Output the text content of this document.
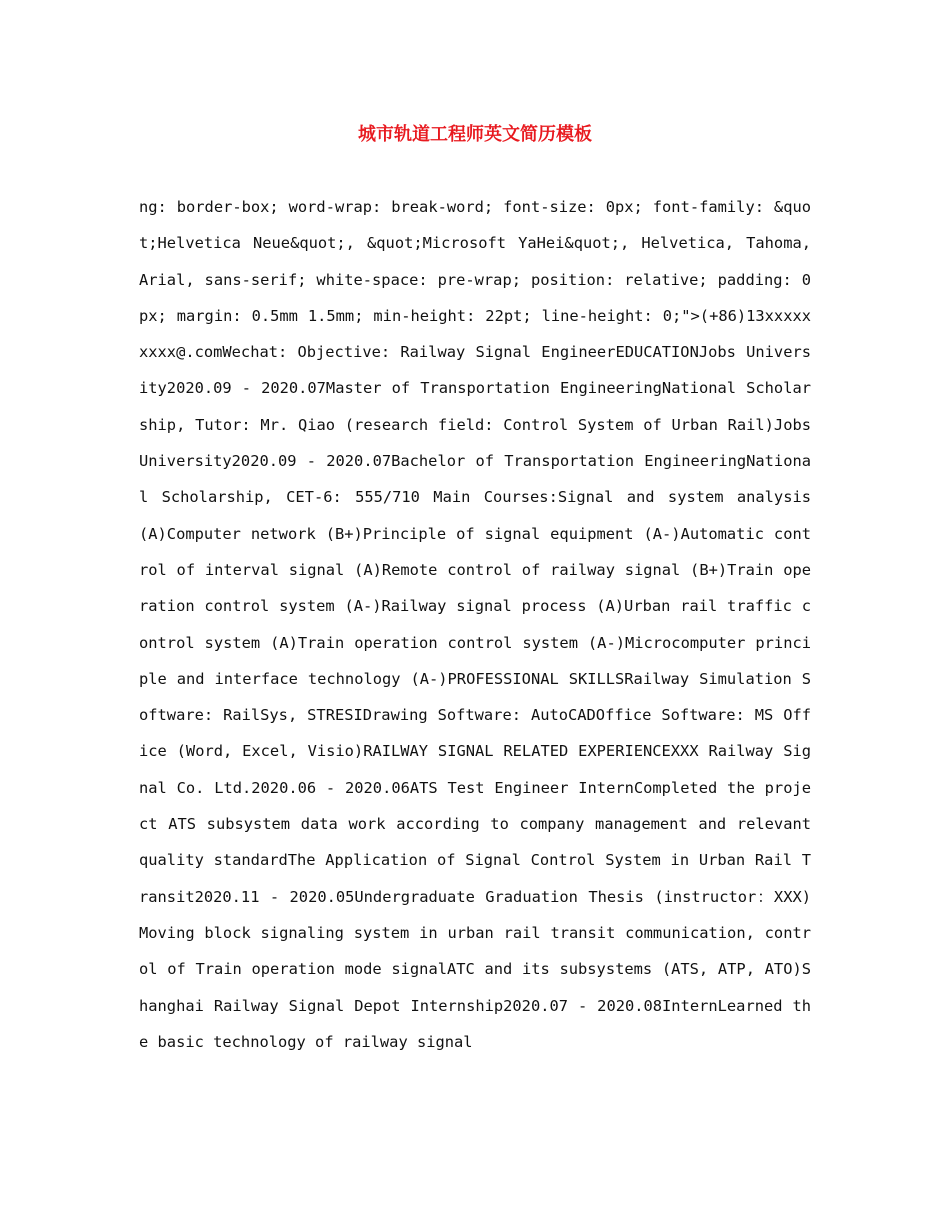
城市轨道工程师英文简历模板

ng: border-box; word-wrap: break-word; font-size: 0px; font-family: &quot;Helvetica Neue&quot;, &quot;Microsoft YaHei&quot;, Helvetica, Tahoma, Arial, sans-serif; white-space: pre-wrap; position: relative; padding: 0px; margin: 0.5mm 1.5mm; min-height: 22pt; line-height: 0;">(+86)13xxxxxxxxx@.comWechat: Objective: Railway Signal EngineerEDUCATIONJobs University2020.09 - 2020.07Master of Transportation EngineeringNational Scholarship, Tutor: Mr. Qiao (research field: Control System of Urban Rail)Jobs University2020.09 - 2020.07Bachelor of Transportation EngineeringNational Scholarship, CET-6: 555/710 Main Courses:Signal and system analysis (A)Computer network (B+)Principle of signal equipment (A-)Automatic control of interval signal (A)Remote control of railway signal (B+)Train operation control system (A-)Railway signal process (A)Urban rail traffic control system (A)Train operation control system (A-)Microcomputer principle and interface technology (A-)PROFESSIONAL SKILLSRailway Simulation Software: RailSys, STRESIDrawing Software: AutoCADOffice Software: MS Office (Word, Excel, Visio)RAILWAY SIGNAL RELATED EXPERIENCEXXX Railway Signal Co. Ltd.2020.06 - 2020.06ATS Test Engineer InternCompleted the project ATS subsystem data work according to company management and relevant quality standardThe Application of Signal Control System in Urban Rail Transit2020.11 - 2020.05Undergraduate Graduation Thesis (instructor：XXX)Moving block signaling system in urban rail transit communication, control of Train operation mode signalATC and its subsystems (ATS, ATP, ATO)Shanghai Railway Signal Depot Internship2020.07 - 2020.08InternLearned the basic technology of railway signal
